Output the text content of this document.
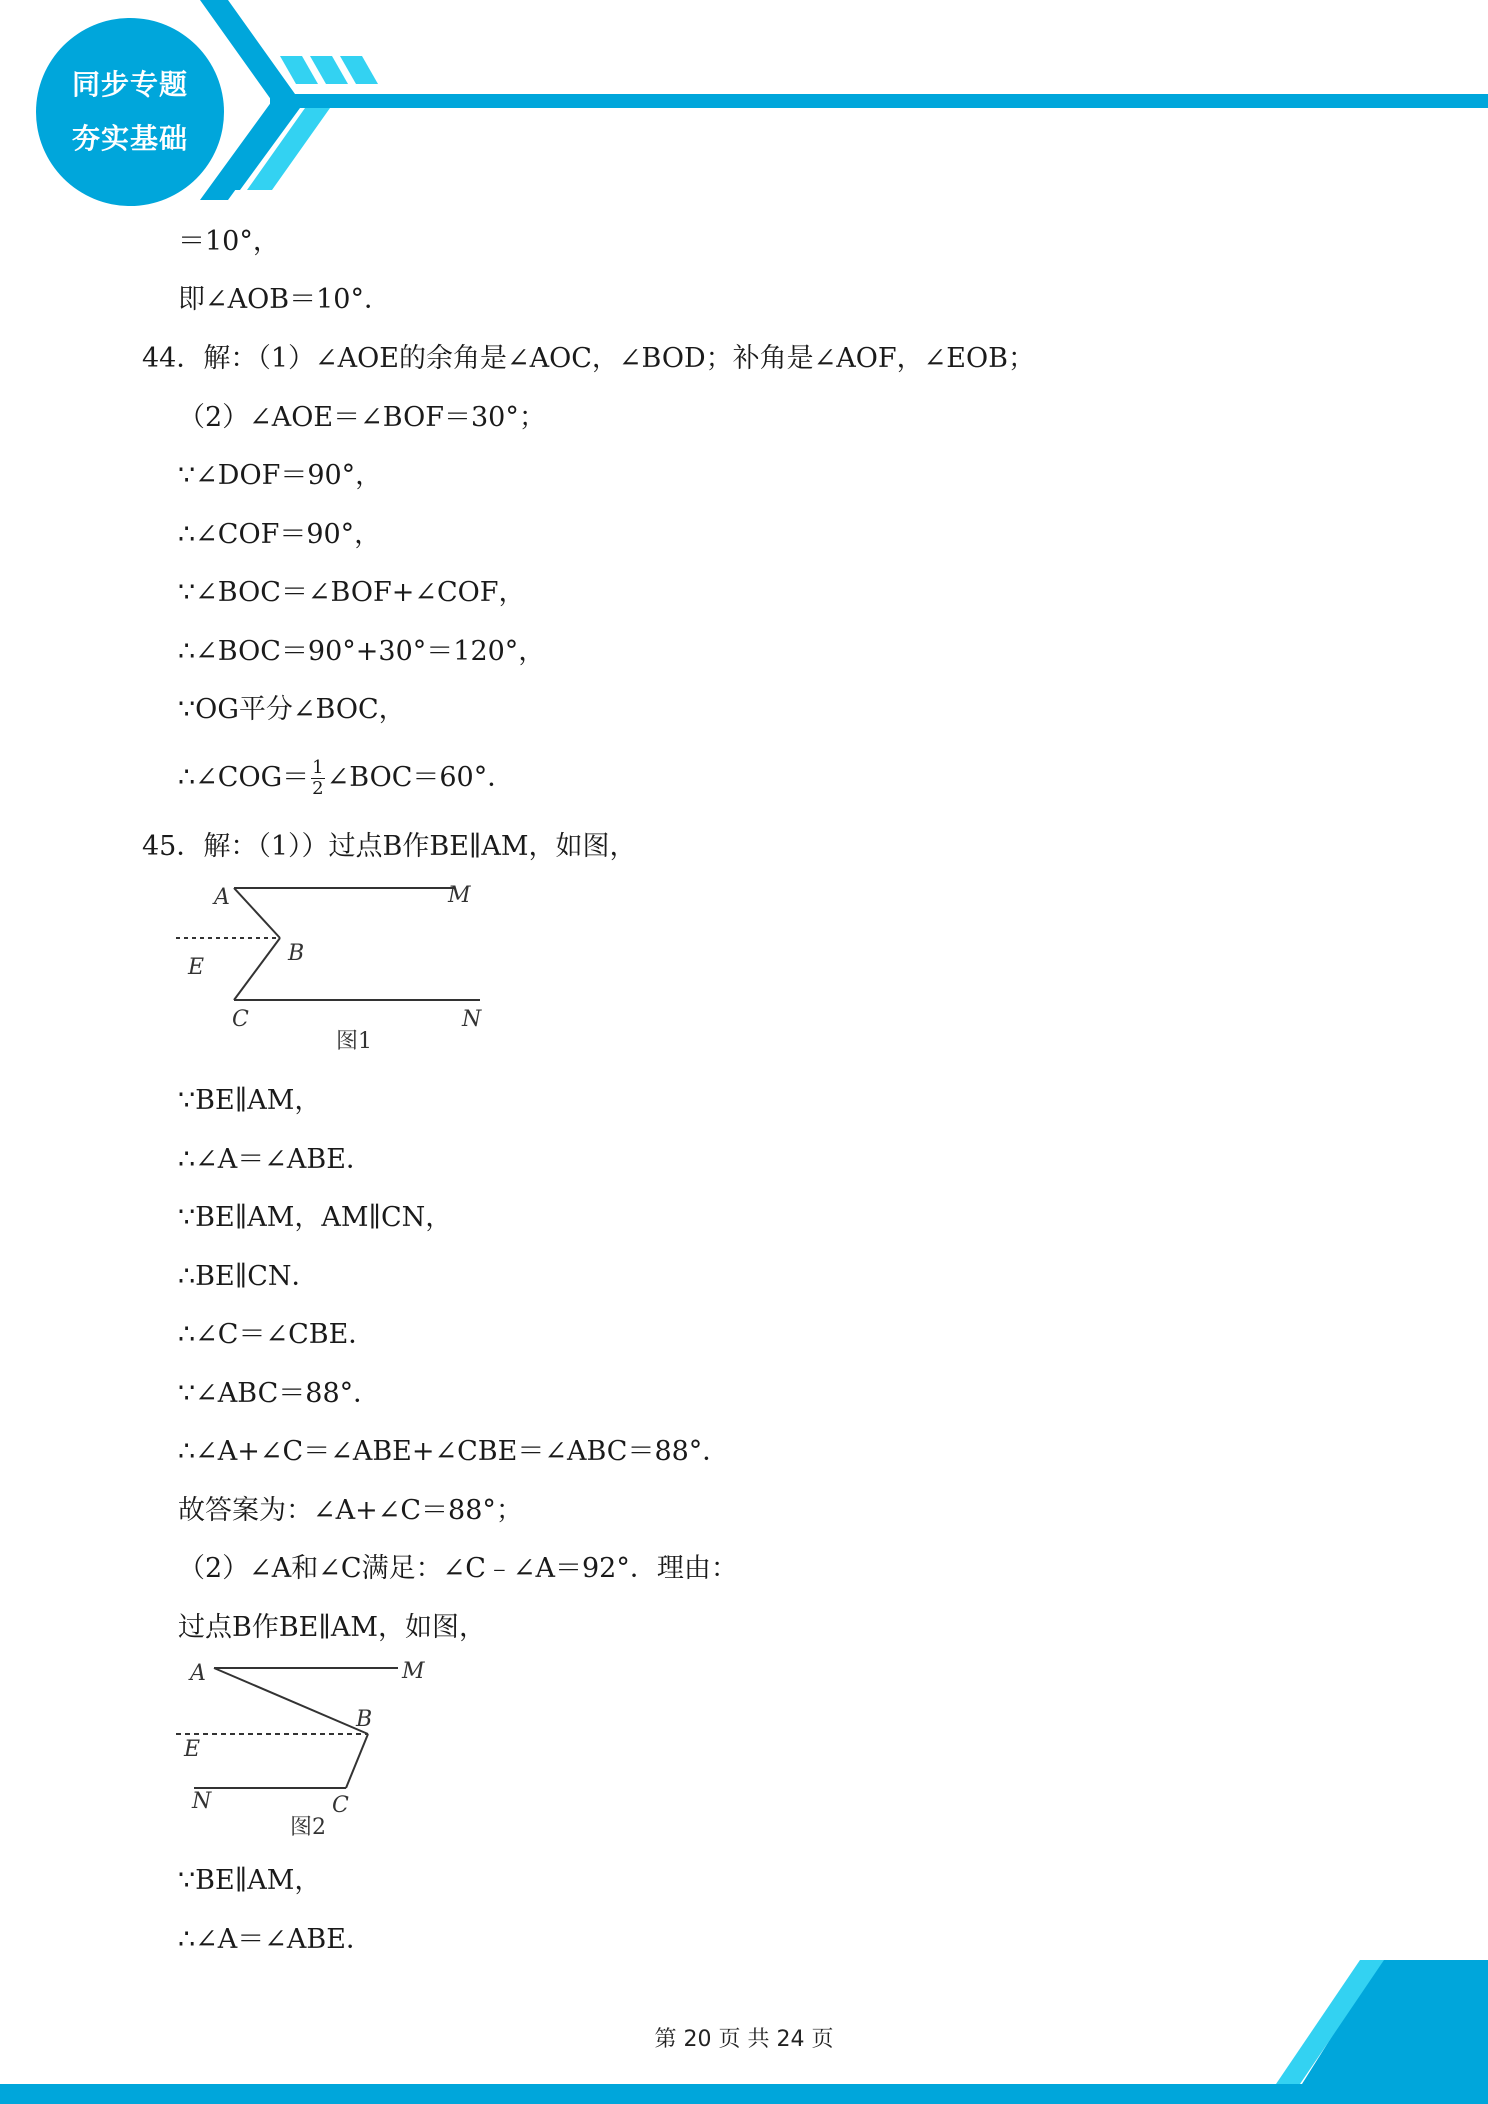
同步专题
夯实基础
＝10°，
即∠AOB＝10°．
44．解：（1）∠AOE的余角是∠AOC，∠BOD；补角是∠AOF，∠EOB；
（2）∠AOE＝∠BOF＝30°；
∵∠DOF＝90°，
∴∠COF＝90°，
∵∠BOC＝∠BOF+∠COF，
∴∠BOC＝90°+30°＝120°，
∵OG平分∠BOC，
∴∠COG＝ $\frac{1}{2}$ ∠BOC＝60°．
45．解：（1））过点B作BE∥AM，如图，
A	M
B
E
C	N
图1
∵BE∥AM，
∴∠A＝∠ABE．
∵BE∥AM，AM∥CN，
∴BE∥CN．
∴∠C＝∠CBE．
∵∠ABC＝88°．
∴∠A+∠C＝∠ABE+∠CBE＝∠ABC＝88°．
故答案为：∠A+∠C＝88°；
（2）∠A和∠C满足：∠C﹣∠A＝92°．理由：
过点B作BE∥AM，如图，
A	M
B
E
N	C
图2
∵BE∥AM，
∴∠A＝∠ABE．
第 20 页 共 24 页
